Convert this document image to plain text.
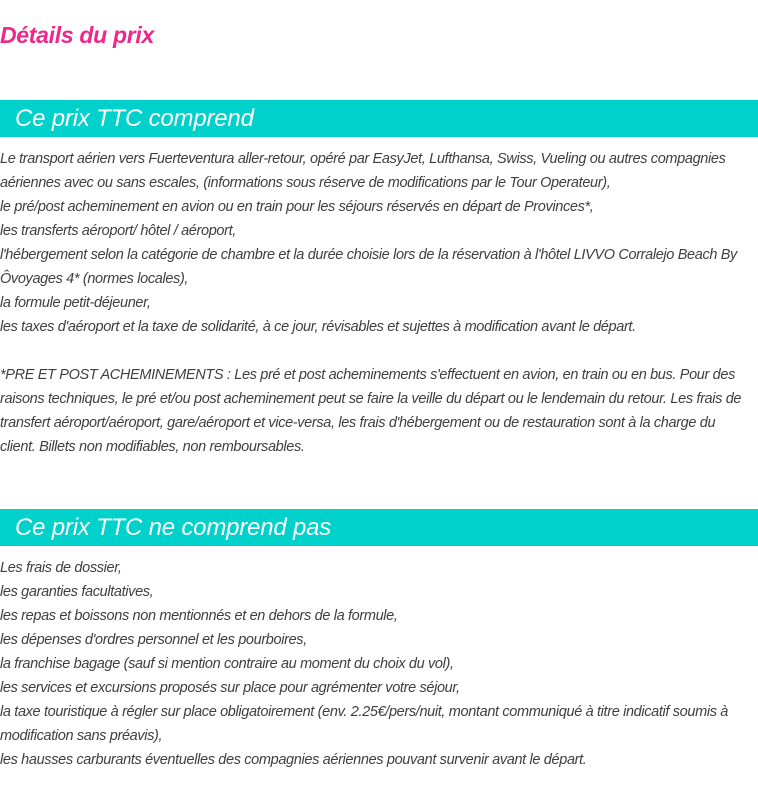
Détails du prix
Ce prix TTC comprend

Le transport aérien vers Fuerteventura aller-retour, opéré par EasyJet, Lufthansa, Swiss, Vueling ou autres compagnies aériennes avec ou sans escales, (informations sous réserve de modifications par le Tour Operateur),

le pré/post acheminement en avion ou en train pour les séjours réservés en départ de Provinces*,

les transferts aéroport/ hôtel / aéroport,

l'hébergement selon la catégorie de chambre et la durée choisie lors de la réservation à l'hôtel LIVVO Corralejo Beach By Ôvoyages 4* (normes locales),

la formule petit-déjeuner,

les taxes d'aéroport et la taxe de solidarité, à ce jour, révisables et sujettes à modification avant le départ.

*PRE ET POST ACHEMINEMENTS : Les pré et post acheminements s'effectuent en avion, en train ou en bus. Pour des raisons techniques, le pré et/ou post acheminement peut se faire la veille du départ ou le lendemain du retour. Les frais de transfert aéroport/aéroport, gare/aéroport et vice-versa, les frais d'hébergement ou de restauration sont à la charge du client. Billets non modifiables, non remboursables.

Ce prix TTC ne comprend pas

Les frais de dossier,

les garanties facultatives,

les repas et boissons non mentionnés et en dehors de la formule,

les dépenses d'ordres personnel et les pourboires,

la franchise bagage (sauf si mention contraire au moment du choix du vol),

les services et excursions proposés sur place pour agrémenter votre séjour,

la taxe touristique à régler sur place obligatoirement (env. 2.25€/pers/nuit, montant communiqué à titre indicatif soumis à modification sans préavis),

les hausses carburants éventuelles des compagnies aériennes pouvant survenir avant le départ.
